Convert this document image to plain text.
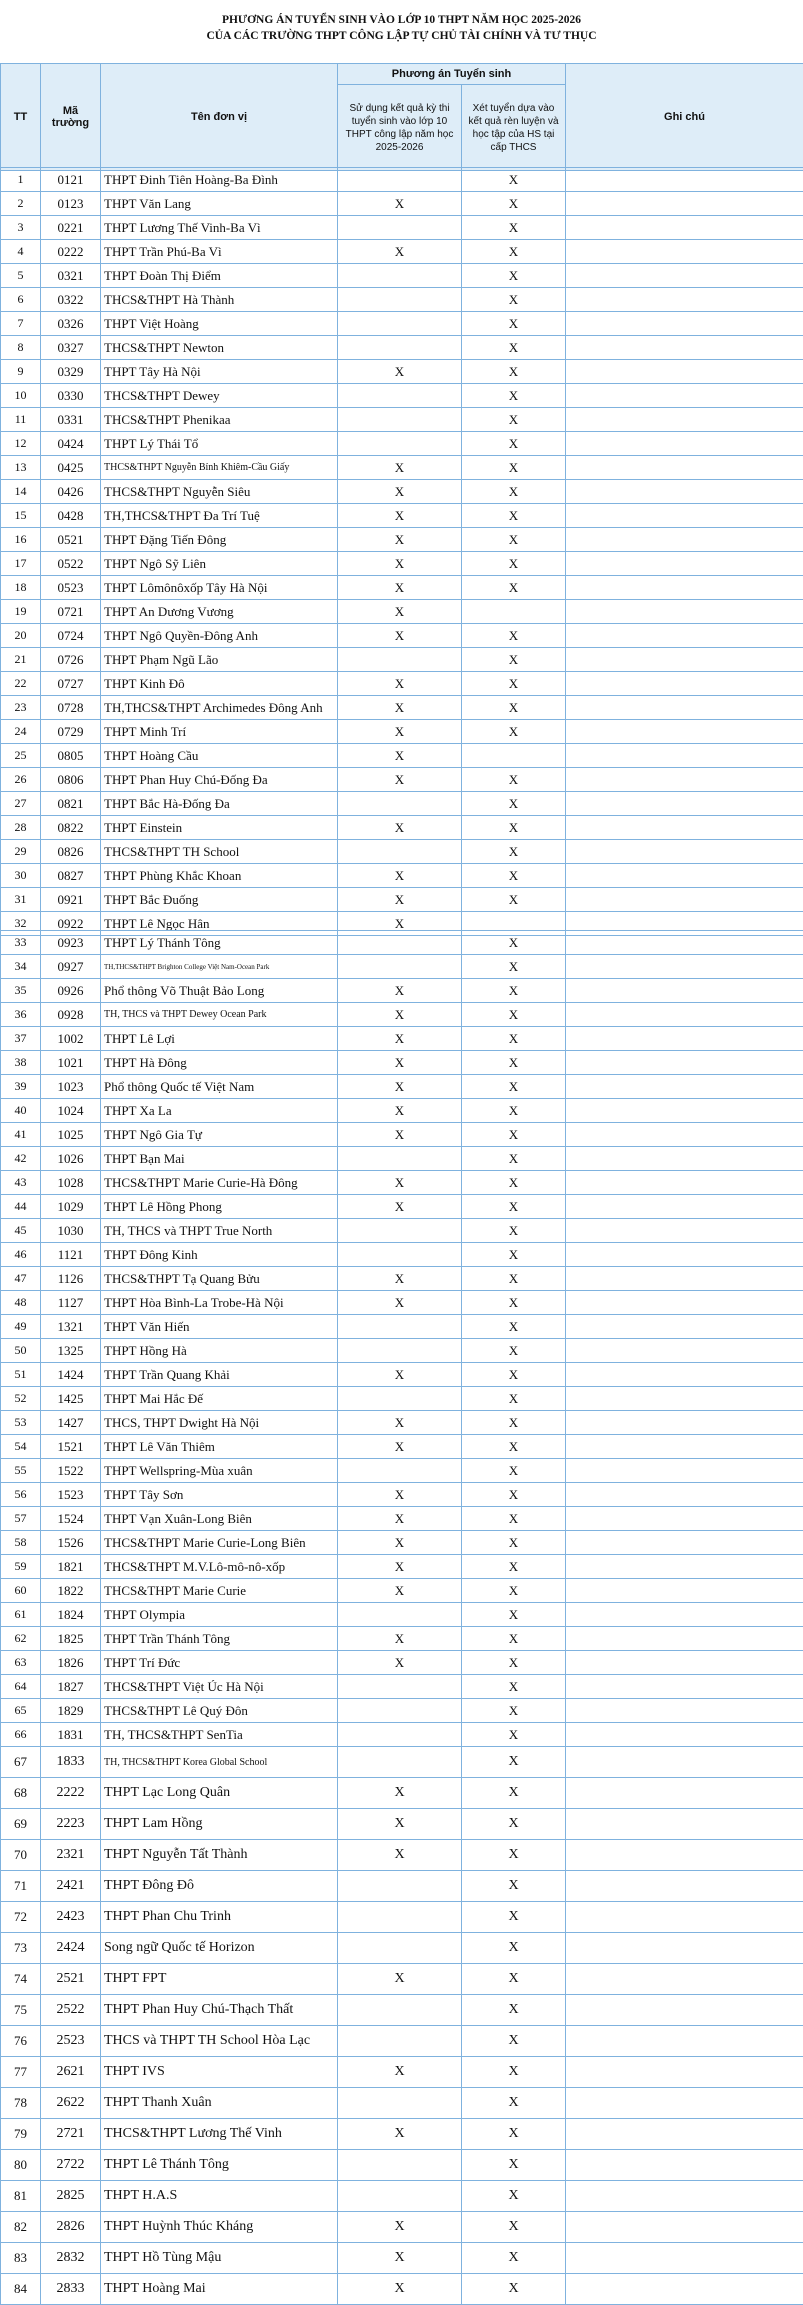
PHƯƠNG ÁN TUYỂN SINH VÀO LỚP 10 THPT NĂM HỌC 2025-2026
CỦA CÁC TRƯỜNG THPT CÔNG LẬP TỰ CHỦ TÀI CHÍNH VÀ TƯ THỤC
TT	Mã trường	Tên đơn vị	Phương án Tuyển sinh		Ghi chú
			Sử dụng kết quả kỳ thi tuyển sinh vào lớp 10 THPT công lập năm học 2025-2026	Xét tuyển dựa vào kết quả rèn luyện và học tập của HS tại cấp THCS	
1	0121	THPT Đinh Tiên Hoàng-Ba Đình		X	
2	0123	THPT Văn Lang	X	X	
3	0221	THPT Lương Thế Vinh-Ba Vì		X	
4	0222	THPT Trần Phú-Ba Vì	X	X	
5	0321	THPT Đoàn Thị Điểm		X	
6	0322	THCS&THPT Hà Thành		X	
7	0326	THPT Việt Hoàng		X	
8	0327	THCS&THPT Newton		X	
9	0329	THPT Tây Hà Nội	X	X	
10	0330	THCS&THPT Dewey		X	
11	0331	THCS&THPT Phenikaa		X	
12	0424	THPT Lý Thái Tổ		X	
13	0425	THCS&THPT Nguyễn Bỉnh Khiêm-Cầu Giấy	X	X	
14	0426	THCS&THPT Nguyễn Siêu	X	X	
15	0428	TH,THCS&THPT Đa Trí Tuệ	X	X	
16	0521	THPT Đặng Tiến Đông	X	X	
17	0522	THPT Ngô Sỹ Liên	X	X	
18	0523	THPT Lômônôxốp Tây Hà Nội	X	X	
19	0721	THPT An Dương Vương	X		
20	0724	THPT Ngô Quyền-Đông Anh	X	X	
21	0726	THPT Phạm Ngũ Lão		X	
22	0727	THPT Kinh Đô	X	X	
23	0728	TH,THCS&THPT Archimedes Đông Anh	X	X	
24	0729	THPT Minh Trí	X	X	
25	0805	THPT Hoàng Cầu	X		
26	0806	THPT Phan Huy Chú-Đống Đa	X	X	
27	0821	THPT Bắc Hà-Đống Đa		X	
28	0822	THPT Einstein	X	X	
29	0826	THCS&THPT TH School		X	
30	0827	THPT Phùng Khắc Khoan	X	X	
31	0921	THPT Bắc Đuống	X	X	
32	0922	THPT Lê Ngọc Hân	X		
33	0923	THPT Lý Thánh Tông		X	
34	0927	TH,THCS&THPT Brighton College Việt Nam-Ocean Park		X	
35	0926	Phổ thông Võ Thuật Bảo Long	X	X	
36	0928	TH, THCS và THPT Dewey Ocean Park	X	X	
37	1002	THPT Lê Lợi	X	X	
38	1021	THPT Hà Đông	X	X	
39	1023	Phổ thông Quốc tế Việt Nam	X	X	
40	1024	THPT Xa La	X	X	
41	1025	THPT Ngô Gia Tự	X	X	
42	1026	THPT Bạn Mai		X	
43	1028	THCS&THPT Marie Curie-Hà Đông	X	X	
44	1029	THPT Lê Hồng Phong	X	X	
45	1030	TH, THCS và THPT True North		X	
46	1121	THPT Đông Kinh		X	
47	1126	THCS&THPT Tạ Quang Bửu	X	X	
48	1127	THPT Hòa Bình-La Trobe-Hà Nội	X	X	
49	1321	THPT Văn Hiến		X	
50	1325	THPT Hồng Hà		X	
51	1424	THPT Trần Quang Khải	X	X	
52	1425	THPT Mai Hắc Đế		X	
53	1427	THCS, THPT Dwight Hà Nội	X	X	
54	1521	THPT Lê Văn Thiêm	X	X	
55	1522	THPT Wellspring-Mùa xuân		X	
56	1523	THPT Tây Sơn	X	X	
57	1524	THPT Vạn Xuân-Long Biên	X	X	
58	1526	THCS&THPT Marie Curie-Long Biên	X	X	
59	1821	THCS&THPT M.V.Lô-mô-nô-xốp	X	X	
60	1822	THCS&THPT Marie Curie	X	X	
61	1824	THPT Olympia		X	
62	1825	THPT Trần Thánh Tông	X	X	
63	1826	THPT Trí Đức	X	X	
64	1827	THCS&THPT Việt Úc Hà Nội		X	
65	1829	THCS&THPT Lê Quý Đôn		X	
66	1831	TH, THCS&THPT SenTia		X	
67	1833	TH, THCS&THPT Korea Global School		X	
68	2222	THPT Lạc Long Quân	X	X	
69	2223	THPT Lam Hồng	X	X	
70	2321	THPT Nguyễn Tất Thành	X	X	
71	2421	THPT Đông Đô		X	
72	2423	THPT Phan Chu Trinh		X	
73	2424	Song ngữ Quốc tế Horizon		X	
74	2521	THPT FPT	X	X	
75	2522	THPT Phan Huy Chú-Thạch Thất		X	
76	2523	THCS và THPT TH School Hòa Lạc		X	
77	2621	THPT IVS	X	X	
78	2622	THPT Thanh Xuân		X	
79	2721	THCS&THPT Lương Thế Vinh	X	X	
80	2722	THPT Lê Thánh Tông		X	
81	2825	THPT H.A.S		X	
82	2826	THPT Huỳnh Thúc Kháng	X	X	
83	2832	THPT Hồ Tùng Mậu	X	X	
84	2833	THPT Hoàng Mai	X	X	
